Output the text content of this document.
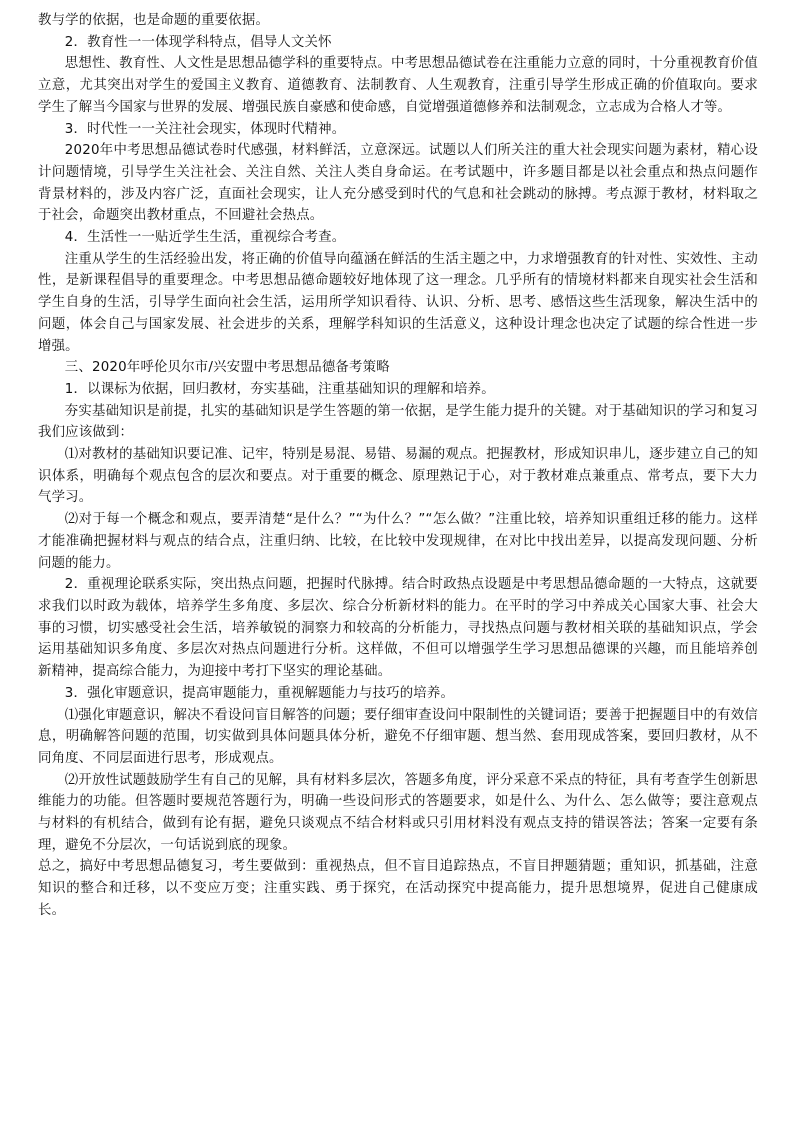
教与学的依据，也是命题的重要依据。

2．教育性一一体现学科特点，倡导人文关怀

思想性、教育性、人文性是思想品德学科的重要特点。中考思想品德试卷在注重能力立意的同时，十分重视教育价值立意，尤其突出对学生的爱国主义教育、道德教育、法制教育、人生观教育，注重引导学生形成正确的价值取向。要求学生了解当今国家与世界的发展、增强民族自豪感和使命感，自觉增强道德修养和法制观念，立志成为合格人才等。

3．时代性一一关注社会现实，体现时代精神。

2020年中考思想品德试卷时代感强，材料鲜活，立意深远。试题以人们所关注的重大社会现实问题为素材，精心设计问题情境，引导学生关注社会、关注自然、关注人类自身命运。在考试题中，许多题目都是以社会重点和热点问题作背景材料的，涉及内容广泛，直面社会现实，让人充分感受到时代的气息和社会跳动的脉搏。考点源于教材，材料取之于社会，命题突出教材重点，不回避社会热点。

4．生活性一一贴近学生生活，重视综合考查。

注重从学生的生活经验出发，将正确的价值导向蕴涵在鲜活的生活主题之中，力求增强教育的针对性、实效性、主动性，是新课程倡导的重要理念。中考思想品德命题较好地体现了这一理念。几乎所有的情境材料都来自现实社会生活和学生自身的生活，引导学生面向社会生活，运用所学知识看待、认识、分析、思考、感悟这些生活现象，解决生活中的问题，体会自己与国家发展、社会进步的关系，理解学科知识的生活意义，这种设计理念也决定了试题的综合性进一步增强。

三、2020年呼伦贝尔市/兴安盟中考思想品德备考策略

1．以课标为依据，回归教材，夯实基础，注重基础知识的理解和培养。

夯实基础知识是前提，扎实的基础知识是学生答题的第一依据，是学生能力提升的关键。对于基础知识的学习和复习我们应该做到：

⑴对教材的基础知识要记准、记牢，特别是易混、易错、易漏的观点。把握教材，形成知识串儿，逐步建立自己的知识体系，明确每个观点包含的层次和要点。对于重要的概念、原理熟记于心，对于教材难点兼重点、常考点，要下大力气学习。

⑵对于每一个概念和观点，要弄清楚“是什么？”“为什么？”“怎么做？”注重比较，培养知识重组迁移的能力。这样才能准确把握材料与观点的结合点，注重归纳、比较，在比较中发现规律，在对比中找出差异，以提高发现问题、分析问题的能力。

2．重视理论联系实际，突出热点问题，把握时代脉搏。结合时政热点设题是中考思想品德命题的一大特点，这就要求我们以时政为载体，培养学生多角度、多层次、综合分析新材料的能力。在平时的学习中养成关心国家大事、社会大事的习惯，切实感受社会生活，培养敏锐的洞察力和较高的分析能力，寻找热点问题与教材相关联的基础知识点，学会运用基础知识多角度、多层次对热点问题进行分析。这样做，不但可以增强学生学习思想品德课的兴趣，而且能培养创新精神，提高综合能力，为迎接中考打下坚实的理论基础。

3．强化审题意识，提高审题能力，重视解题能力与技巧的培养。

⑴强化审题意识，解决不看设问盲目解答的问题；要仔细审查设问中限制性的关键词语；要善于把握题目中的有效信息，明确解答问题的范围，切实做到具体问题具体分析，避免不仔细审题、想当然、套用现成答案，要回归教材，从不同角度、不同层面进行思考，形成观点。

⑵开放性试题鼓励学生有自己的见解，具有材料多层次，答题多角度，评分采意不采点的特征，具有考查学生创新思维能力的功能。但答题时要规范答题行为，明确一些设问形式的答题要求，如是什么、为什么、怎么做等；要注意观点与材料的有机结合，做到有论有据，避免只谈观点不结合材料或只引用材料没有观点支持的错误答法；答案一定要有条理，避免不分层次，一句话说到底的现象。

总之，搞好中考思想品德复习，考生要做到：重视热点，但不盲目追踪热点，不盲目押题猜题；重知识，抓基础，注意知识的整合和迁移，以不变应万变；注重实践、勇于探究，在活动探究中提高能力，提升思想境界，促进自己健康成长。
